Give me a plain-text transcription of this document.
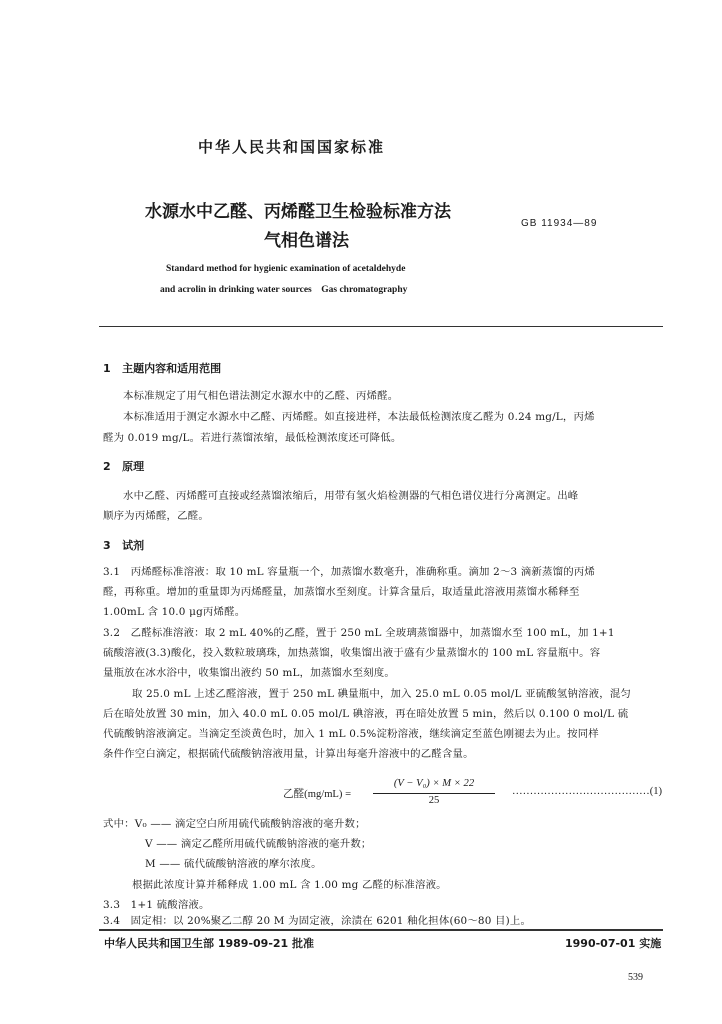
中华人民共和国国家标准
水源水中乙醛、丙烯醛卫生检验标准方法
气相色谱法
GB 11934—89
Standard method for hygienic examination of acetaldehyde
and acrolin in drinking water sources    Gas chromatography
1   主题内容和适用范围
本标准规定了用气相色谱法测定水源水中的乙醛、丙烯醛。
本标准适用于测定水源水中乙醛、丙烯醛。如直接进样，本法最低检测浓度乙醛为 0.24 mg/L，丙烯
醛为 0.019 mg/L。若进行蒸馏浓缩，最低检测浓度还可降低。
2   原理
水中乙醛、丙烯醛可直接或经蒸馏浓缩后，用带有氢火焰检测器的气相色谱仪进行分离测定。出峰
顺序为丙烯醛，乙醛。
3   试剂
3.1   丙烯醛标准溶液：取 10 mL 容量瓶一个，加蒸馏水数毫升，准确称重。滴加 2～3 滴新蒸馏的丙烯
醛，再称重。增加的重量即为丙烯醛量，加蒸馏水至刻度。计算含量后，取适量此溶液用蒸馏水稀释至
1.00mL 含 10.0 μg丙烯醛。
3.2   乙醛标准溶液：取 2 mL 40%的乙醛，置于 250 mL 全玻璃蒸馏器中，加蒸馏水至 100 mL，加 1+1
硫酸溶液(3.3)酸化，投入数粒玻璃珠，加热蒸馏，收集馏出液于盛有少量蒸馏水的 100 mL 容量瓶中。容
量瓶放在冰水浴中，收集馏出液约 50 mL，加蒸馏水至刻度。
取 25.0 mL 上述乙醛溶液，置于 250 mL 碘量瓶中，加入 25.0 mL 0.05 mol/L 亚硫酸氢钠溶液，混匀
后在暗处放置 30 min，加入 40.0 mL 0.05 mol/L 碘溶液，再在暗处放置 5 min，然后以 0.100 0 mol/L 硫
代硫酸钠溶液滴定。当滴定至淡黄色时，加入 1 mL 0.5%淀粉溶液，继续滴定至蓝色刚褪去为止。按同样
条件作空白滴定，根据硫代硫酸钠溶液用量，计算出每毫升溶液中的乙醛含量。
乙醛(mg/mL) =
(V − V₀) × M × 22
25
…………………………………(1)
式中：V₀ —— 滴定空白所用硫代硫酸钠溶液的毫升数；
V —— 滴定乙醛所用硫代硫酸钠溶液的毫升数；
M —— 硫代硫酸钠溶液的摩尔浓度。
根据此浓度计算并稀释成 1.00 mL 含 1.00 mg 乙醛的标准溶液。
3.3   1+1 硫酸溶液。
3.4   固定相：以 20%聚乙二醇 20 M 为固定液，涂渍在 6201 釉化担体(60～80 目)上。
中华人民共和国卫生部 1989-09-21 批准	1990-07-01 实施
539
